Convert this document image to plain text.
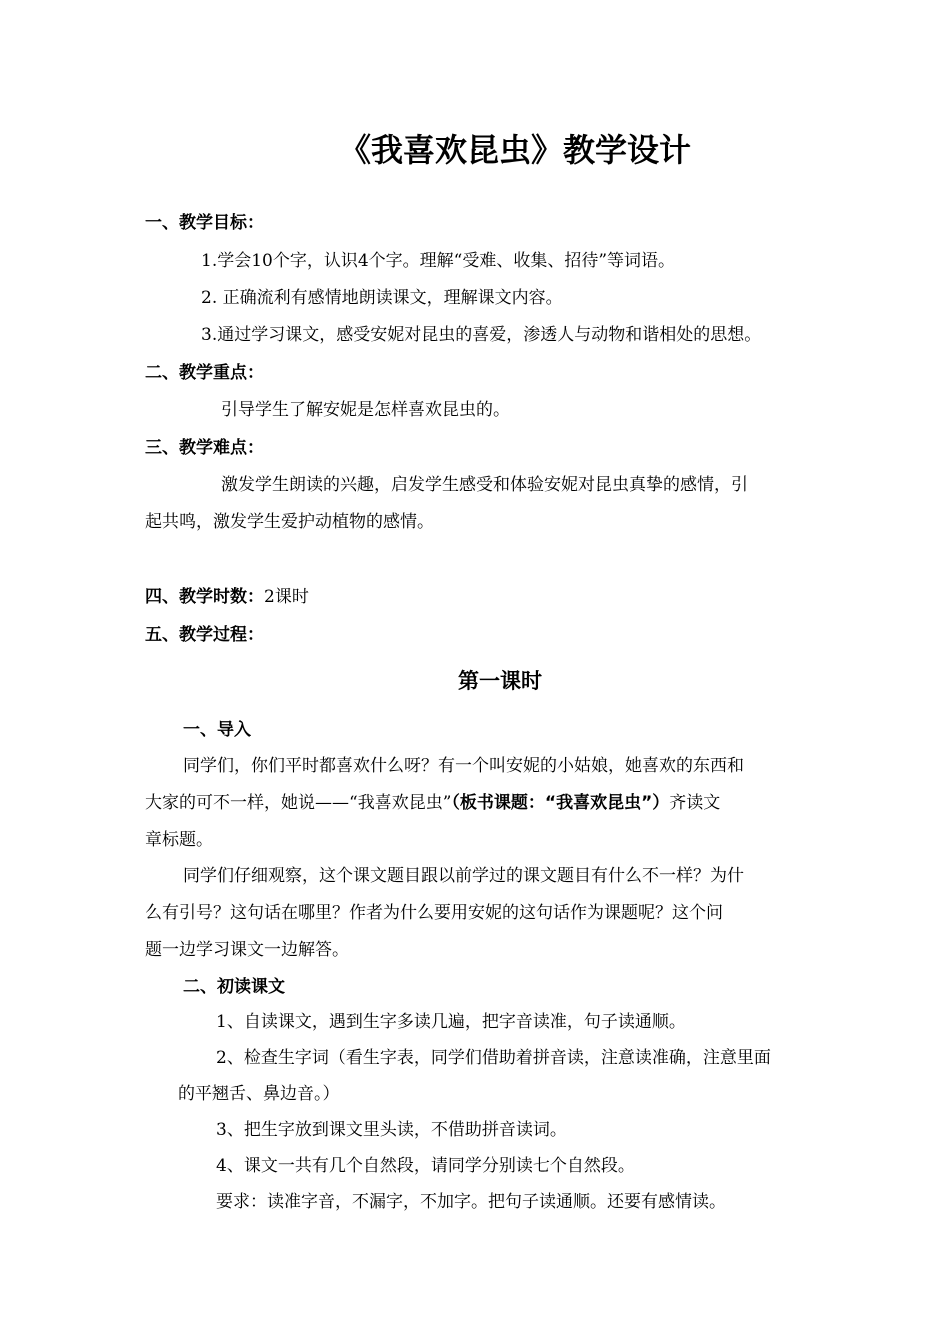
《我喜欢昆虫》教学设计
一、教学目标：
1.学会10个字，认识4个字。理解“受难、收集、招待”等词语。
2. 正确流利有感情地朗读课文，理解课文内容。
3.通过学习课文，感受安妮对昆虫的喜爱，渗透人与动物和谐相处的思想。
二、教学重点：
引导学生了解安妮是怎样喜欢昆虫的。
三、教学难点：
激发学生朗读的兴趣，启发学生感受和体验安妮对昆虫真挚的感情，引
起共鸣，激发学生爱护动植物的感情。
四、教学时数：2课时
五、教学过程：
第一课时
一、导入
同学们，你们平时都喜欢什么呀？有一个叫安妮的小姑娘，她喜欢的东西和
大家的可不一样，她说——“我喜欢昆虫”（板书课题：“我喜欢昆虫”）齐读文
章标题。
同学们仔细观察，这个课文题目跟以前学过的课文题目有什么不一样？为什
么有引号？这句话在哪里？作者为什么要用安妮的这句话作为课题呢？这个问
题一边学习课文一边解答。
二、初读课文
1、自读课文，遇到生字多读几遍，把字音读准，句子读通顺。
2、检查生字词（看生字表，同学们借助着拼音读，注意读准确，注意里面
的平翘舌、鼻边音。）
3、把生字放到课文里头读，不借助拼音读词。
4、课文一共有几个自然段，请同学分别读七个自然段。
要求：读准字音，不漏字，不加字。把句子读通顺。还要有感情读。
